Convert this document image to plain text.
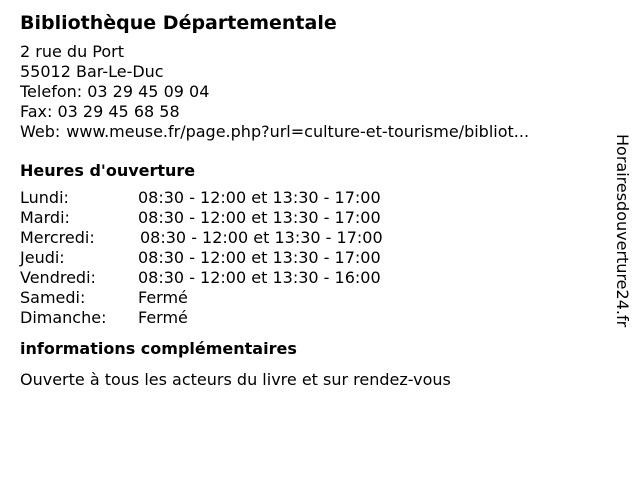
Bibliothèque Départementale
2 rue du Port
55012 Bar-Le-Duc
Telefon: 03 29 45 09 04
Fax: 03 29 45 68 58
Web: www.meuse.fr/page.php?url=culture-et-tourisme/bibliot...
Heures d'ouverture
Lundi:	08:30 - 12:00 et 13:30 - 17:00
Mardi:	08:30 - 12:00 et 13:30 - 17:00
Mercredi:	08:30 - 12:00 et 13:30 - 17:00
Jeudi:	08:30 - 12:00 et 13:30 - 17:00
Vendredi:	08:30 - 12:00 et 13:30 - 16:00
Samedi:	Fermé
Dimanche:	Fermé
informations complémentaires
Ouverte à tous les acteurs du livre et sur rendez-vous
Horairesdouverture24.fr
